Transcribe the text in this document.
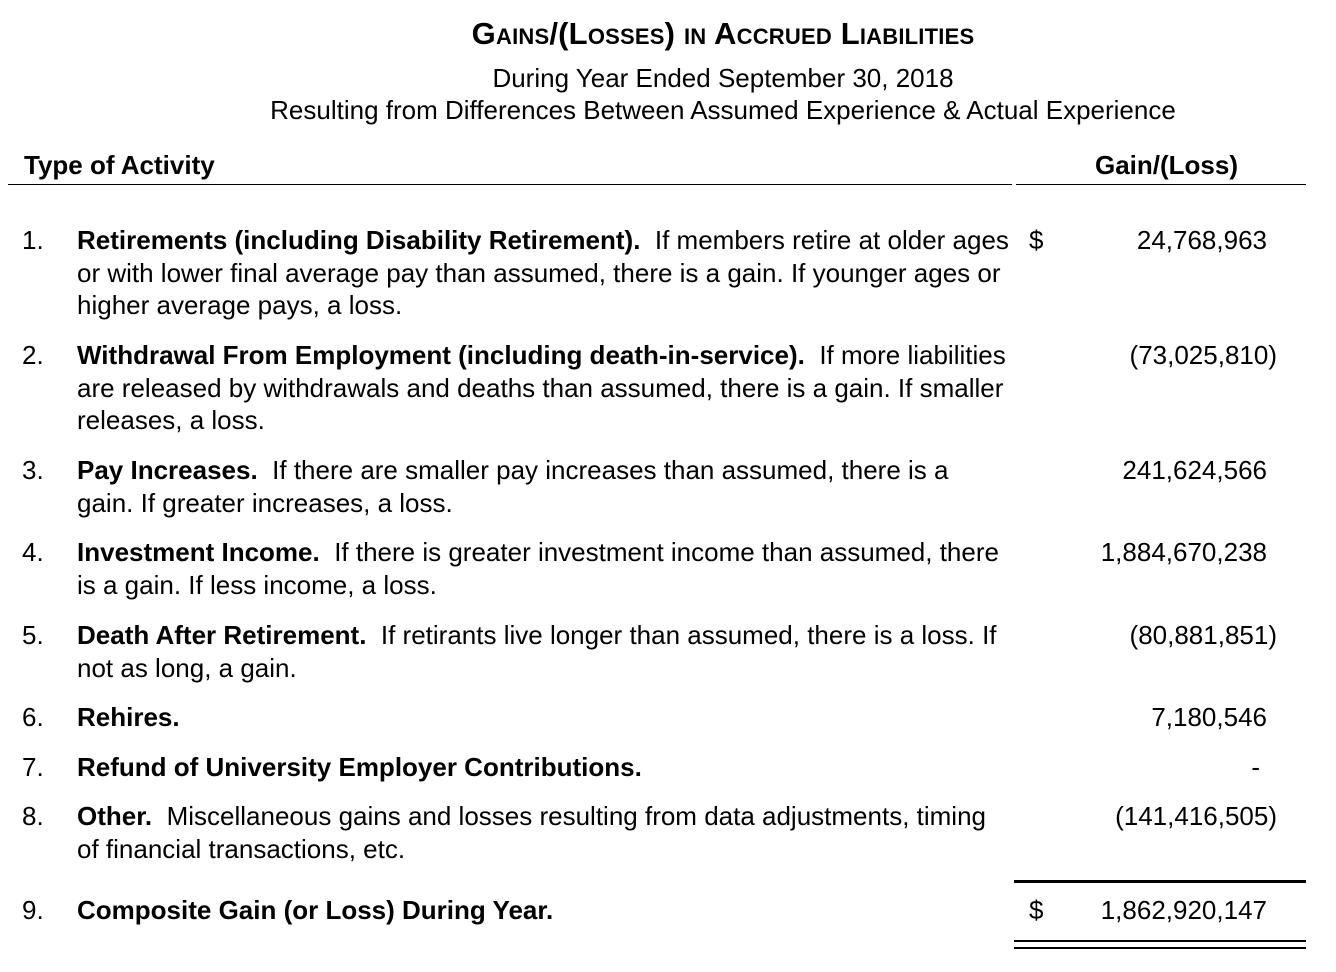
Gains/(Losses) in Accrued Liabilities
During Year Ended September 30, 2018
Resulting from Differences Between Assumed Experience & Actual Experience
Type of Activity	Gain/(Loss)
1. Retirements (including Disability Retirement). If members retire at older ages or with lower final average pay than assumed, there is a gain. If younger ages or higher average pays, a loss.
$	24,768,963
2. Withdrawal From Employment (including death-in-service). If more liabilities are released by withdrawals and deaths than assumed, there is a gain. If smaller releases, a loss.
(73,025,810)
3. Pay Increases. If there are smaller pay increases than assumed, there is a gain. If greater increases, a loss.
241,624,566
4. Investment Income. If there is greater investment income than assumed, there is a gain. If less income, a loss.
1,884,670,238
5. Death After Retirement. If retirants live longer than assumed, there is a loss. If not as long, a gain.
(80,881,851)
6. Rehires.	7,180,546
7. Refund of University Employer Contributions.	-
8. Other. Miscellaneous gains and losses resulting from data adjustments, timing of financial transactions, etc.
(141,416,505)
9. Composite Gain (or Loss) During Year.	$ 1,862,920,147
